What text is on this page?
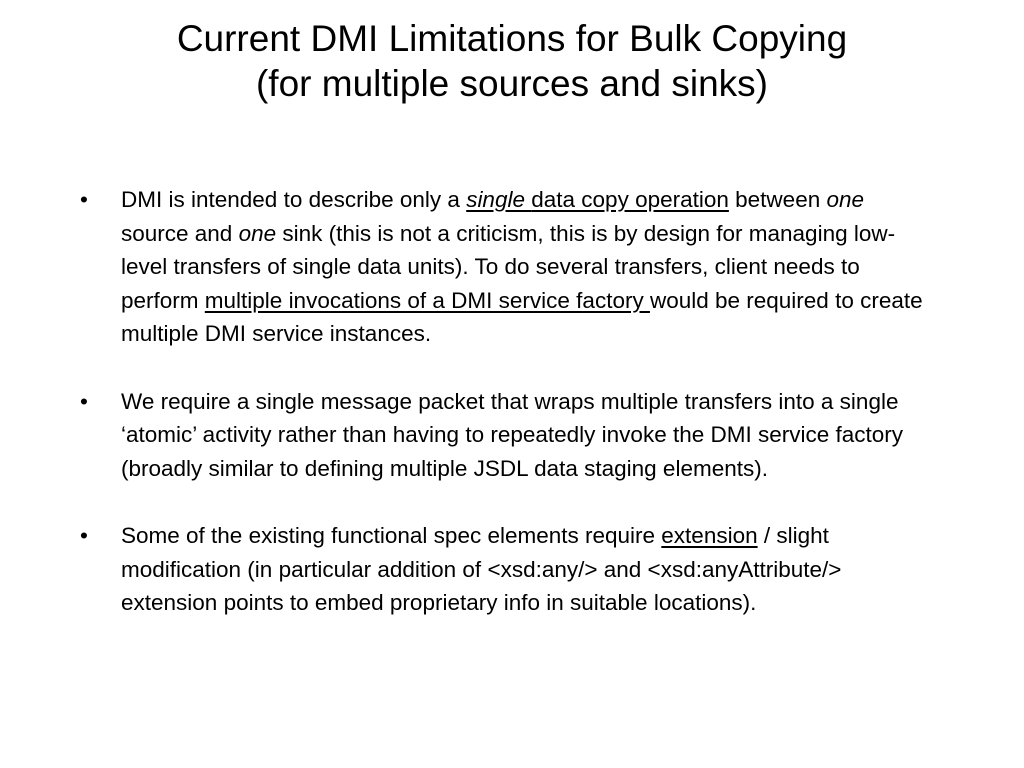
Current DMI Limitations for Bulk Copying
(for multiple sources and sinks)
•	DMI is intended to describe only a single data copy operation between one source and one sink (this is not a criticism, this is by design for managing low-level transfers of single data units). To do several transfers, client needs to perform multiple invocations of a DMI service factory would be required to create multiple DMI service instances.
•	We require a single message packet that wraps multiple transfers into a single ‘atomic’ activity rather than having to repeatedly invoke the DMI service factory (broadly similar to defining multiple JSDL data staging elements).
•	Some of the existing functional spec elements require extension / slight modification (in particular addition of <xsd:any/> and <xsd:anyAttribute/> extension points to embed proprietary info in suitable locations).
